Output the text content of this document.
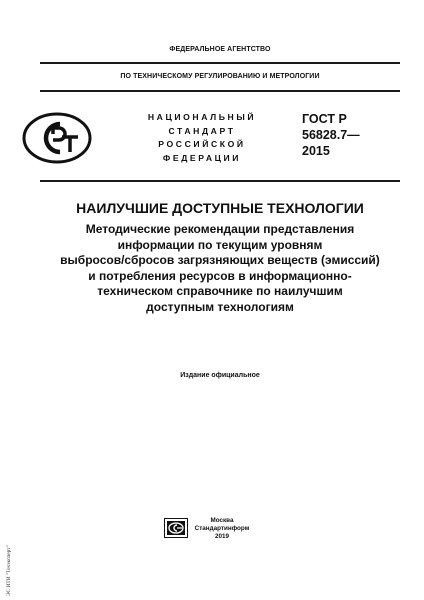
ФЕДЕРАЛЬНОЕ АГЕНТСТВО
ПО ТЕХНИЧЕСКОМУ РЕГУЛИРОВАНИЮ И МЕТРОЛОГИИ
НАЦИОНАЛЬНЫЙ
СТАНДАРТ
РОССИЙСКОЙ
ФЕДЕРАЦИИ
ГОСТ Р
56828.7—
2015
НАИЛУЧШИЕ ДОСТУПНЫЕ ТЕХНОЛОГИИ
Методические рекомендации представления
информации по текущим уровням
выбросов/сбросов загрязняющих веществ (эмиссий)
и потребления ресурсов в информационно-
техническом справочнике по наилучшим
доступным технологиям
Издание официальное
Москва
Стандартинформ
2019
ЭС ИТИ "Техэксперт"
